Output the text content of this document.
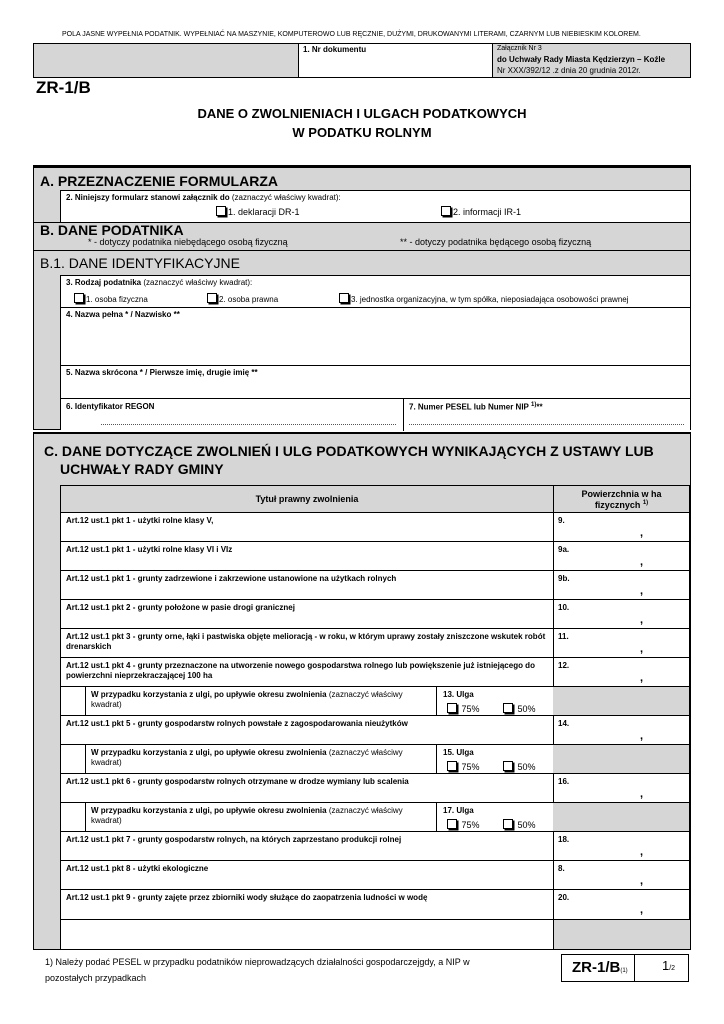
POLA JASNE WYPEŁNIA PODATNIK. WYPEŁNIAĆ NA MASZYNIE, KOMPUTEROWO LUB RĘCZNIE, DUŻYMI, DRUKOWANYMI LITERAMI, CZARNYM LUB NIEBIESKIM KOLOREM.
1. Nr dokumentu	Załącznik Nr 3
do Uchwały Rady Miasta Kędzierzyn – Koźle
Nr XXX/392/12 .z dnia 20 grudnia 2012r.
ZR-1/B
DANE O ZWOLNIENIACH I ULGACH PODATKOWYCH
W PODATKU ROLNYM
A. PRZEZNACZENIE FORMULARZA
2. Niniejszy formularz stanowi załącznik do (zaznaczyć właściwy kwadrat):
1. deklaracji DR-1	2. informacji IR-1
B. DANE PODATNIKA
* - dotyczy podatnika niebędącego osobą fizyczną	** - dotyczy podatnika będącego osobą fizyczną
B.1. DANE IDENTYFIKACYJNE
3. Rodzaj podatnika (zaznaczyć właściwy kwadrat):
1. osoba fizyczna	2. osoba prawna	3. jednostka organizacyjna, w tym spółka, nieposiadająca osobowości prawnej
4. Nazwa pełna * / Nazwisko **
5. Nazwa skrócona * / Pierwsze imię, drugie imię **
6. Identyfikator REGON	7. Numer PESEL lub Numer NIP $^{1)}$**
C. DANE DOTYCZĄCE ZWOLNIEŃ I ULG PODATKOWYCH WYNIKAJĄCYCH Z USTAWY LUB
UCHWAŁY RADY GMINY
Tytuł prawny zwolnienia	Powierzchnia w ha
fizycznych $^{1)}$
Art.12 ust.1 pkt 1 - użytki rolne klasy V,	9.
,
Art.12 ust.1 pkt 1 - użytki rolne klasy VI i VIz	9a.
,
Art.12 ust.1 pkt 1 - grunty zadrzewione i zakrzewione ustanowione na użytkach rolnych	9b.
,
Art.12 ust.1 pkt 2 - grunty położone w pasie drogi granicznej	10.
,
Art.12 ust.1 pkt 3 - grunty orne, łąki i pastwiska objęte melioracją - w roku, w którym uprawy zostały zniszczone wskutek robót drenarskich
11.
,
Art.12 ust.1 pkt 4 - grunty przeznaczone na utworzenie nowego gospodarstwa rolnego lub powiększenie już istniejącego do powierzchni nieprzekraczającej 100 ha
12.
,
W przypadku korzystania z ulgi, po upływie okresu zwolnienia (zaznaczyć właściwy kwadrat)
13. Ulga
75%	50%
Art.12 ust.1 pkt 5 - grunty gospodarstw rolnych powstałe z zagospodarowania nieużytków	14.
,
W przypadku korzystania z ulgi, po upływie okresu zwolnienia (zaznaczyć właściwy kwadrat)
15. Ulga
75%	50%
Art.12 ust.1 pkt 6 - grunty gospodarstw rolnych otrzymane w drodze wymiany lub scalenia	16.
,
W przypadku korzystania z ulgi, po upływie okresu zwolnienia (zaznaczyć właściwy kwadrat)
17. Ulga
75%	50%
Art.12 ust.1 pkt 7 - grunty gospodarstw rolnych, na których zaprzestano produkcji rolnej	18.
,
Art.12 ust.1 pkt 8 - użytki ekologiczne	8.
,
Art.12 ust.1 pkt 9 - grunty zajęte przez zbiorniki wody służące do zaopatrzenia ludności w wodę	20.
,
1) Należy podać PESEL w przypadku podatników nieprowadzących działalności gospodarczejgdy, a NIP w
pozostałych przypadkach
ZR-1/B(1)	1/2
